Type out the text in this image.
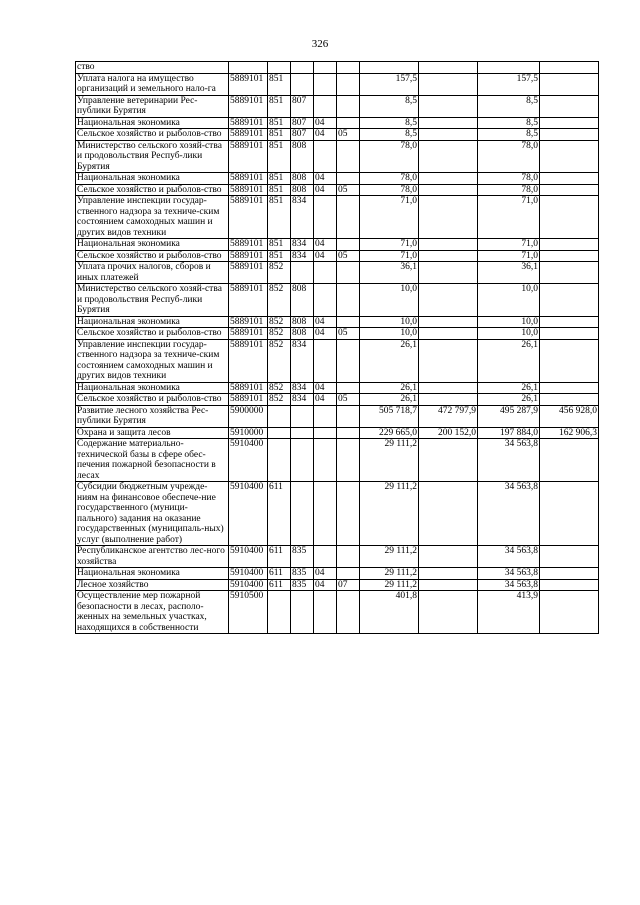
326
ство									
Уплата налога на имущество организаций и земельного нало-га	5889101	851				157,5		157,5	
Управление ветеринарии Рес-публики Бурятия	5889101	851	807			8,5		8,5	
Национальная экономика	5889101	851	807	04		8,5		8,5	
Сельское хозяйство и рыболов-ство	5889101	851	807	04	05	8,5		8,5	
Министерство сельского хозяй-ства и продовольствия Респуб-лики Бурятия	5889101	851	808			78,0		78,0	
Национальная экономика	5889101	851	808	04		78,0		78,0	
Сельское хозяйство и рыболов-ство	5889101	851	808	04	05	78,0		78,0	
Управление инспекции государ-ственного надзора за техниче-ским состоянием самоходных машин и других видов техники	5889101	851	834			71,0		71,0	
Национальная экономика	5889101	851	834	04		71,0		71,0	
Сельское хозяйство и рыболов-ство	5889101	851	834	04	05	71,0		71,0	
Уплата прочих налогов, сборов и иных платежей	5889101	852				36,1		36,1	
Министерство сельского хозяй-ства и продовольствия Респуб-лики Бурятия	5889101	852	808			10,0		10,0	
Национальная экономика	5889101	852	808	04		10,0		10,0	
Сельское хозяйство и рыболов-ство	5889101	852	808	04	05	10,0		10,0	
Управление инспекции государ-ственного надзора за техниче-ским состоянием самоходных машин и других видов техники	5889101	852	834			26,1		26,1	
Национальная экономика	5889101	852	834	04		26,1		26,1	
Сельское хозяйство и рыболов-ство	5889101	852	834	04	05	26,1		26,1	
Развитие лесного хозяйства Рес-публики Бурятия	5900000					505 718,7	472 797,9	495 287,9	456 928,0
Охрана и защита лесов	5910000					229 665,0	200 152,0	197 884,0	162 906,3
Содержание материально-технической базы в сфере обес-печения пожарной безопасности в лесах	5910400					29 111,2		34 563,8	
Субсидии бюджетным учрежде-ниям на финансовое обеспече-ние государственного (муници-пального) задания на оказание государственных (муниципаль-ных) услуг (выполнение работ)	5910400	611				29 111,2		34 563,8	
Республиканское агентство лес-ного хозяйства	5910400	611	835			29 111,2		34 563,8	
Национальная экономика	5910400	611	835	04		29 111,2		34 563,8	
Лесное хозяйство	5910400	611	835	04	07	29 111,2		34 563,8	
Осуществление мер пожарной безопасности в лесах, располо-женных на земельных участках, находящихся в собственности	5910500					401,8		413,9	
